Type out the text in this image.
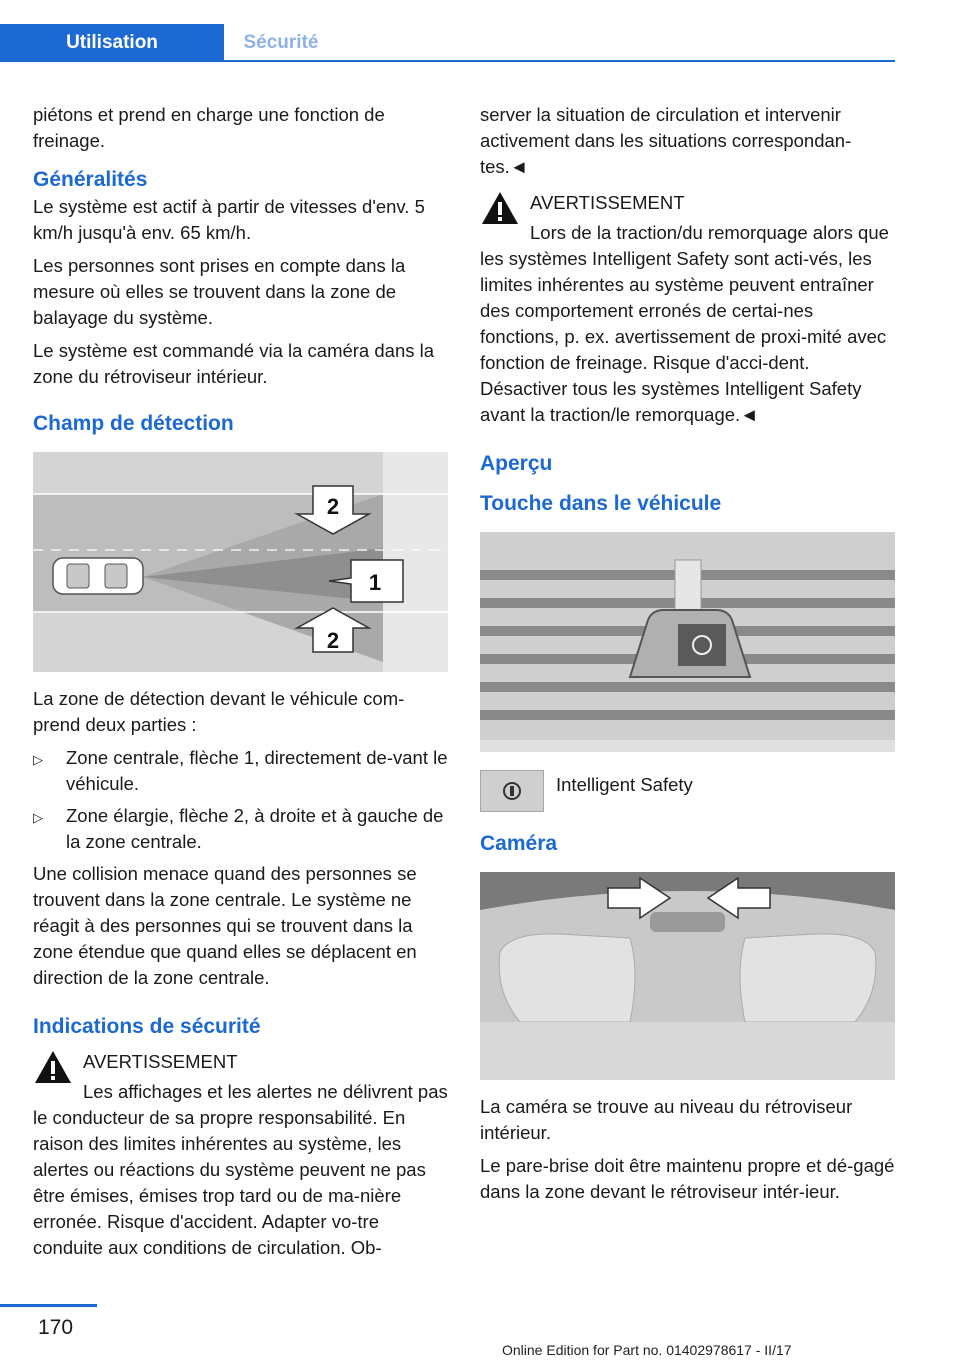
Utilisation	Sécurité

piétons et prend en charge une fonction de freinage.

Généralités

Le système est actif à partir de vitesses d'env. 5 km/h jusqu'à env. 65 km/h.

Les personnes sont prises en compte dans la mesure où elles se trouvent dans la zone de balayage du système.

Le système est commandé via la caméra dans la zone du rétroviseur intérieur.

Champ de détection
2
1
2

La zone de détection devant le véhicule com‐prend deux parties :

▷ Zone centrale, flèche 1, directement de‐vant le véhicule.
▷ Zone élargie, flèche 2, à droite et à gauche de la zone centrale.

Une collision menace quand des personnes se trouvent dans la zone centrale. Le système ne réagit à des personnes qui se trouvent dans la zone étendue que quand elles se déplacent en direction de la zone centrale.

Indications de sécurité

AVERTISSEMENT

Les affichages et les alertes ne délivrent pas le conducteur de sa propre responsabilité. En raison des limites inhérentes au système, les alertes ou réactions du système peuvent ne pas être émises, émises trop tard ou de ma‐nière erronée. Risque d'accident. Adapter vo‐tre conduite aux conditions de circulation. Ob‐

server la situation de circulation et intervenir activement dans les situations correspondan‐tes.◄

AVERTISSEMENT

Lors de la traction/du remorquage alors que les systèmes Intelligent Safety sont acti‐vés, les limites inhérentes au système peuvent entraîner des comportement erronés de certai‐nes fonctions, p. ex. avertissement de proxi‐mité avec fonction de freinage. Risque d'acci‐dent. Désactiver tous les systèmes Intelligent Safety avant la traction/le remorquage.◄

Aperçu
Touche dans le véhicule
Intelligent Safety
Caméra

La caméra se trouve au niveau du rétroviseur intérieur.

Le pare-brise doit être maintenu propre et dé‐gagé dans la zone devant le rétroviseur intér‐ieur.

170
Online Edition for Part no. 01402978617 - II/17
